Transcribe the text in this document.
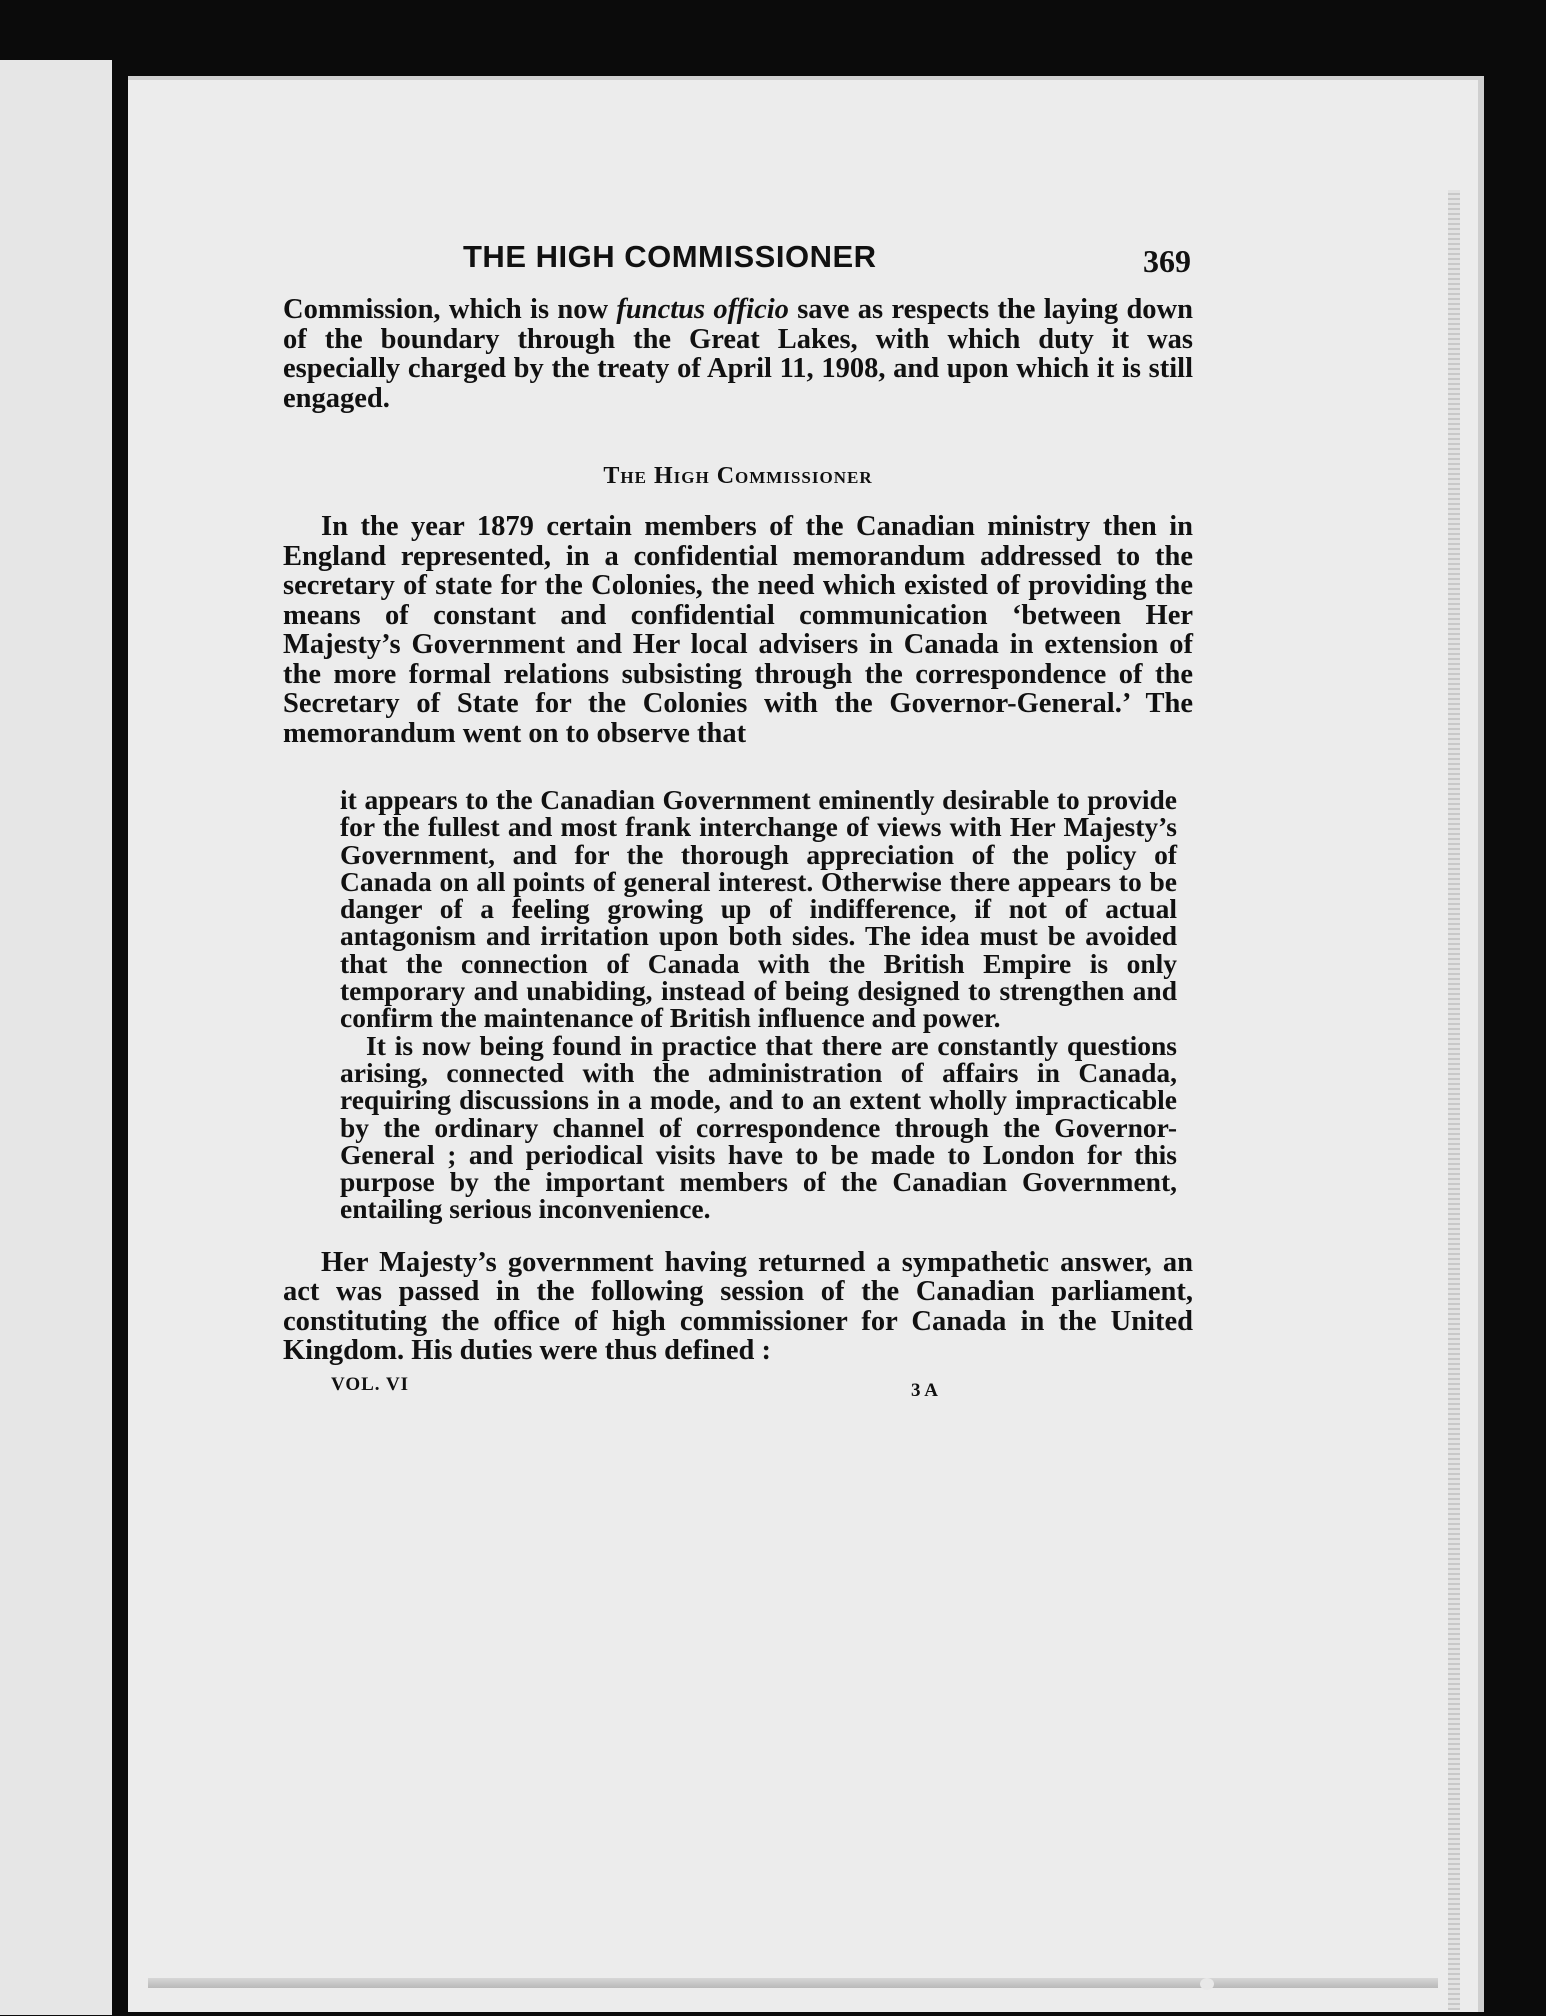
THE HIGH COMMISSIONER	369

Commission, which is now functus officio save as respects the laying down of the boundary through the Great Lakes, with which duty it was especially charged by the treaty of April 11, 1908, and upon which it is still engaged.

The High Commissioner

In the year 1879 certain members of the Canadian ministry then in England represented, in a confidential memorandum addressed to the secretary of state for the Colonies, the need which existed of providing the means of constant and confidential communication ‘between Her Majesty’s Government and Her local advisers in Canada in extension of the more formal relations subsisting through the correspondence of the Secretary of State for the Colonies with the Governor-General.’ The memorandum went on to observe that

it appears to the Canadian Government eminently desirable to provide for the fullest and most frank interchange of views with Her Majesty’s Government, and for the thorough appreciation of the policy of Canada on all points of general interest. Otherwise there appears to be danger of a feeling growing up of indifference, if not of actual antagonism and irritation upon both sides. The idea must be avoided that the connection of Canada with the British Empire is only temporary and unabiding, instead of being designed to strengthen and confirm the maintenance of British influence and power.

It is now being found in practice that there are constantly questions arising, connected with the administration of affairs in Canada, requiring discussions in a mode, and to an extent wholly impracticable by the ordinary channel of correspondence through the Governor-General ; and periodical visits have to be made to London for this purpose by the important members of the Canadian Government, entailing serious inconvenience.

Her Majesty’s government having returned a sympathetic answer, an act was passed in the following session of the Canadian parliament, constituting the office of high commissioner for Canada in the United Kingdom. His duties were thus defined :

VOL. VI	3 A
